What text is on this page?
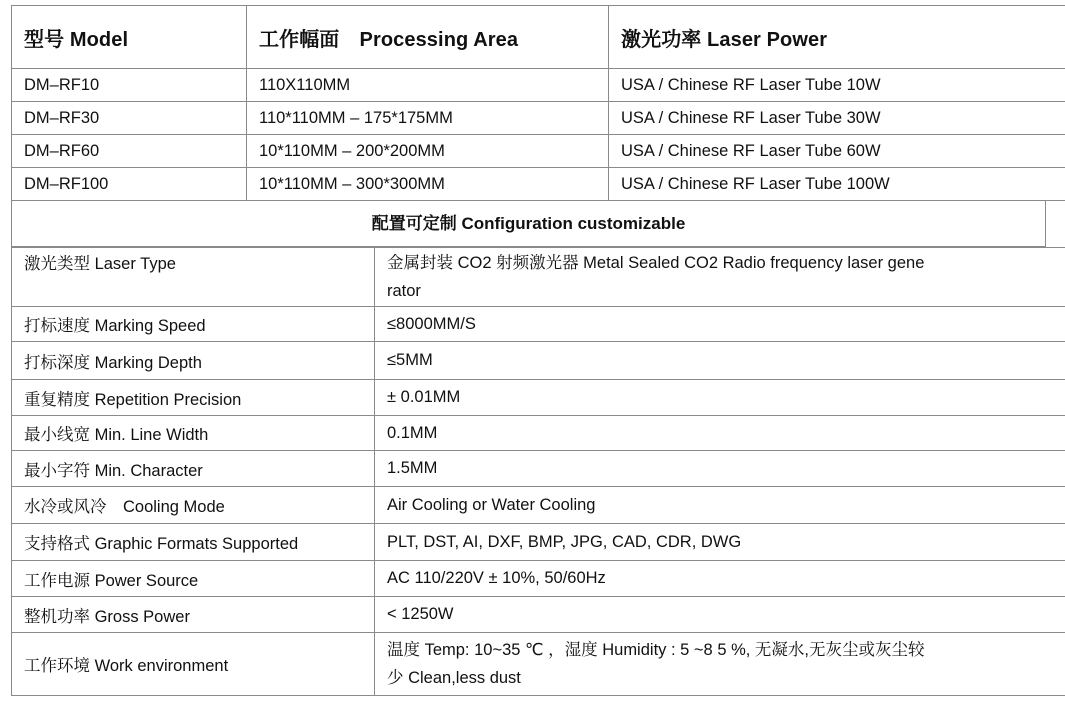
型号 Model	工作幅面　Processing Area	激光功率 Laser Power
DM–RF10	110X110MM	USA / Chinese RF Laser Tube 10W
DM–RF30	110*110MM – 175*175MM	USA / Chinese RF Laser Tube 30W
DM–RF60	10*110MM – 200*200MM	USA / Chinese RF Laser Tube 60W
DM–RF100	10*110MM – 300*300MM	USA / Chinese RF Laser Tube 100W
配置可定制 Configuration customizable
激光类型 Laser Type	金属封装 CO2 射频激光器 Metal Sealed CO2 Radio frequency laser gene
rator

打标速度 Marking Speed	≤8000MM/S
打标深度 Marking Depth	≤5MM
重复精度 Repetition Precision	± 0.01MM
最小线宽 Min. Line Width	0.1MM
最小字符 Min. Character	1.5MM
水冷或风冷　Cooling Mode	Air Cooling or Water Cooling
支持格式 Graphic Formats Supported	PLT, DST, AI, DXF, BMP, JPG, CAD, CDR, DWG
工作电源 Power Source	AC 110/220V ± 10%, 50/60Hz
整机功率 Gross Power	< 1250W
工作环境 Work environment	温度 Temp: 10~35 ℃ ，湿度 Humidity : 5 ~8 5 %, 无凝水,无灰尘或灰尘较
少 Clean,less dust
